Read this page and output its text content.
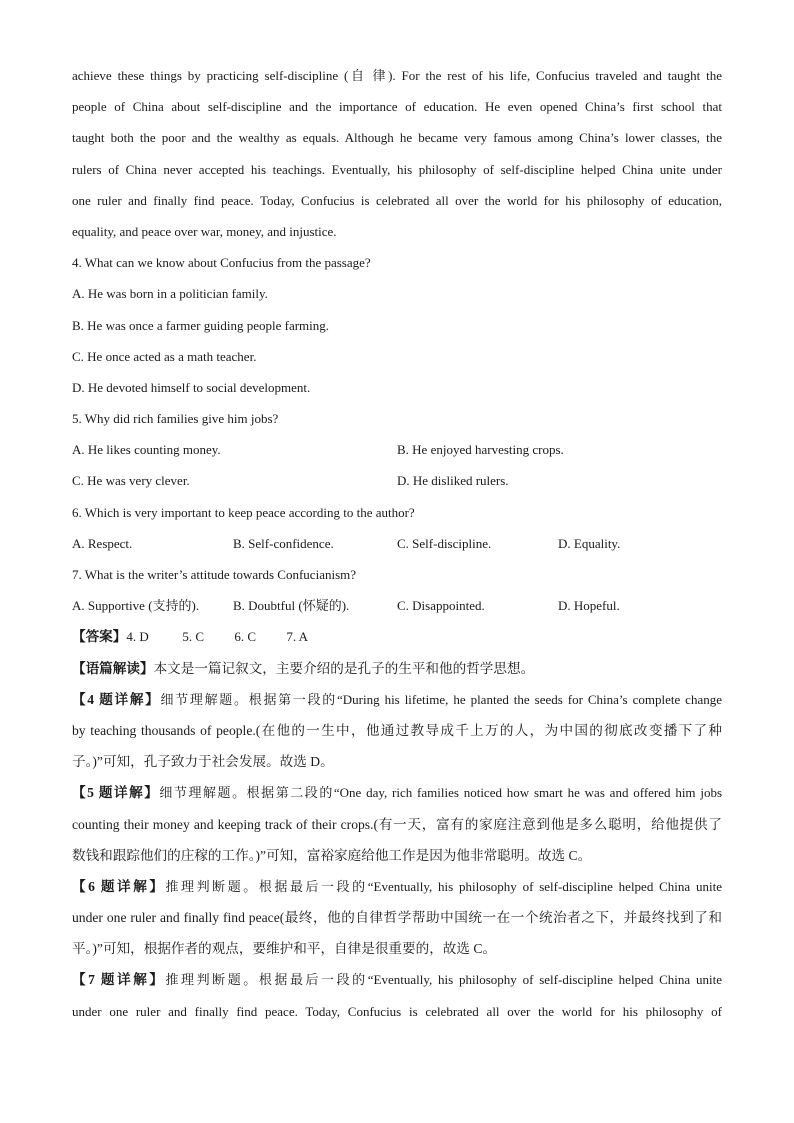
achieve these things by practicing self-discipline (自 律). For the rest of his life, Confucius traveled and taught the
people of China about self-discipline and the importance of education. He even opened China’s first school that
taught both the poor and the wealthy as equals. Although he became very famous among China’s lower classes, the
rulers of China never accepted his teachings. Eventually, his philosophy of self-discipline helped China unite under
one ruler and finally find peace. Today, Confucius is celebrated all over the world for his philosophy of education,
equality, and peace over war, money, and injustice.
4. What can we know about Confucius from the passage?
A. He was born in a politician family.
B. He was once a farmer guiding people farming.
C. He once acted as a math teacher.
D. He devoted himself to social development.
5. Why did rich families give him jobs?
A. He likes counting money.	B. He enjoyed harvesting crops.
C. He was very clever.	D. He disliked rulers.
6. Which is very important to keep peace according to the author?
A. Respect.	B. Self-confidence.	C. Self-discipline.	D. Equality.
7. What is the writer’s attitude towards Confucianism?
A. Supportive (支持的).	B. Doubtful (怀疑的).	C. Disappointed.	D. Hopeful.
【答案】4. D	5. C 6. C 7. A
【语篇解读】本文是一篇记叙文，主要介绍的是孔子的生平和他的哲学思想。
【4 题详解】细节理解题。根据第一段的“During his lifetime, he planted the seeds for China’s complete change
by teaching thousands of people.(在他的一生中，他通过教导成千上万的人，为中国的彻底改变播下了种
子。)”可知，孔子致力于社会发展。故选 D。
【5 题详解】细节理解题。根据第二段的“One day, rich families noticed how smart he was and offered him jobs
counting their money and keeping track of their crops.(有一天，富有的家庭注意到他是多么聪明，给他提供了
数钱和跟踪他们的庄稼的工作。)”可知，富裕家庭给他工作是因为他非常聪明。故选 C。
【6 题详解】推理判断题。根据最后一段的“Eventually, his philosophy of self-discipline helped China unite
under one ruler and finally find peace(最终，他的自律哲学帮助中国统一在一个统治者之下，并最终找到了和
平。)”可知，根据作者的观点，要维护和平，自律是很重要的，故选 C。
【7 题详解】推理判断题。根据最后一段的“Eventually, his philosophy of self-discipline helped China unite
under one ruler and finally find peace. Today, Confucius is celebrated all over the world for his philosophy of
